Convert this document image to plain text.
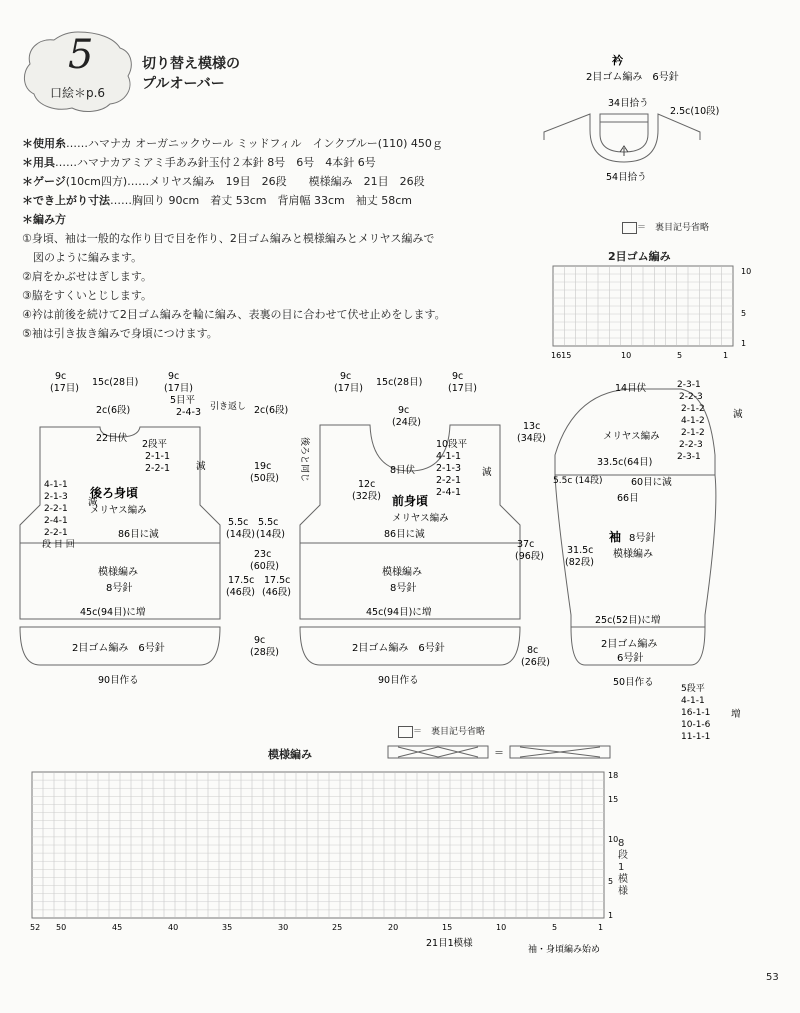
5
口絵＊p.6
切り替え模様の
プルオーバー
＊使用糸……ハマナカ オーガニックウール ミッドフィル　インクブルー(110) 450ｇ
＊用具……ハマナカアミアミ手あみ針玉付２本針 8号　6号　4本針 6号
＊ゲージ(10cm四方)……メリヤス編み　19目　26段　　模様編み　21目　26段
＊でき上がり寸法……胸回り 90cm　着丈 53cm　背肩幅 33cm　袖丈 58cm
＊編み方
①身頃、袖は一般的な作り目で目を作り、2目ゴム編みと模様編みとメリヤス編みで
　図のように編みます。
②肩をかぶせはぎします。
③脇をすくいとじします。
④衿は前後を続けて2目ゴム編みを輪に編み、表裏の目に合わせて伏せ止めをします。
⑤袖は引き抜き編みで身頃につけます。
衿
2目ゴム編み　6号針
34目拾う
2.5c(10段)
54目拾う
＝　裏目記号省略
2目ゴム編み
10
5
1
1615	10	5	1
9c
(17目)
15c(28目)
9c
(17目)
2c(6段)
22目伏
5目平
2-4-3
2段平
2-1-1
2-2-1	減
4-1-1
2-1-3
2-2-1
2-4-1
2-2-1
段 目 回
減
後ろ身頃
メリヤス編み
86目に減
模様編み
8号針
45c(94目)に増
2目ゴム編み　6号針
90目作る
5.5c
(14段)
17.5c
(46段)
引き返し 2c(6段)
19c
(50段)
23c
(60段)
9c
(28段)
9c
(17目)
15c(28目)
9c
(17目)
9c
(24段)
8目伏
10段平
4-1-1
2-1-3
2-2-1
2-4-1
減
後ろと同じ
12c
(32段) 前身頃
メリヤス編み
86目に減
5.5c
(14段)
模様編み
8号針
45c(94目)に増
2目ゴム編み　6号針
90目作る
17.5c
(46段)
14目伏	2-3-1
2-2-3
2-1-2
4-1-2
2-1-2
2-2-3
2-3-1
減
メリヤス編み
13c
(34段)
33.5c(64目)
5.5c (14段)	60目に減
66目
袖 8号針
模様編み
37c
(96段)
31.5c
(82段)
25c(52目)に増
2目ゴム編み
6号針
8c
(26段)
50目作る
5段平
4-1-1
16-1-1
10-1-6
11-1-1
増
＝　裏目記号省略
模様編み	＝
18
15
10
5
1
52 50	45	40	35	30	25	20	15	10	5	1
21目1模様
袖・身頃編み始め
8段1模様
53
